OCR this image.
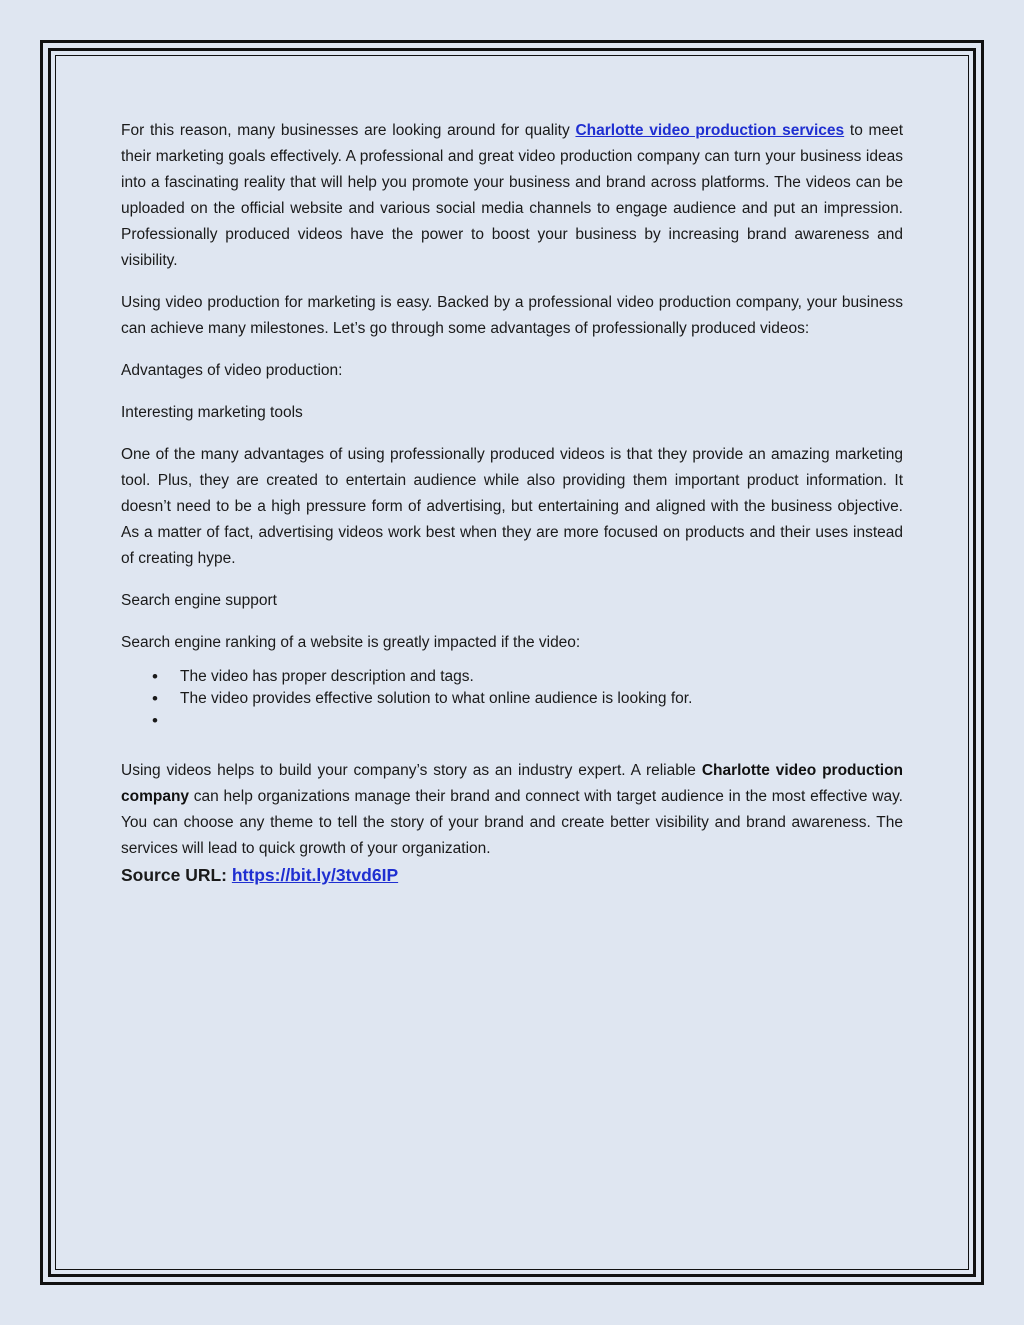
For this reason, many businesses are looking around for quality Charlotte video production services to meet their marketing goals effectively. A professional and great video production company can turn your business ideas into a fascinating reality that will help you promote your business and brand across platforms. The videos can be uploaded on the official website and various social media channels to engage audience and put an impression. Professionally produced videos have the power to boost your business by increasing brand awareness and visibility.

Using video production for marketing is easy. Backed by a professional video production company, your business can achieve many milestones. Let’s go through some advantages of professionally produced videos:

Advantages of video production:

Interesting marketing tools

One of the many advantages of using professionally produced videos is that they provide an amazing marketing tool. Plus, they are created to entertain audience while also providing them important product information. It doesn’t need to be a high pressure form of advertising, but entertaining and aligned with the business objective. As a matter of fact, advertising videos work best when they are more focused on products and their uses instead of creating hype.

Search engine support

Search engine ranking of a website is greatly impacted if the video:

• The video has proper description and tags.
• The video provides effective solution to what online audience is looking for.
•

Using videos helps to build your company’s story as an industry expert. A reliable Charlotte video production company can help organizations manage their brand and connect with target audience in the most effective way. You can choose any theme to tell the story of your brand and create better visibility and brand awareness. The services will lead to quick growth of your organization.

Source URL: https://bit.ly/3tvd6IP
